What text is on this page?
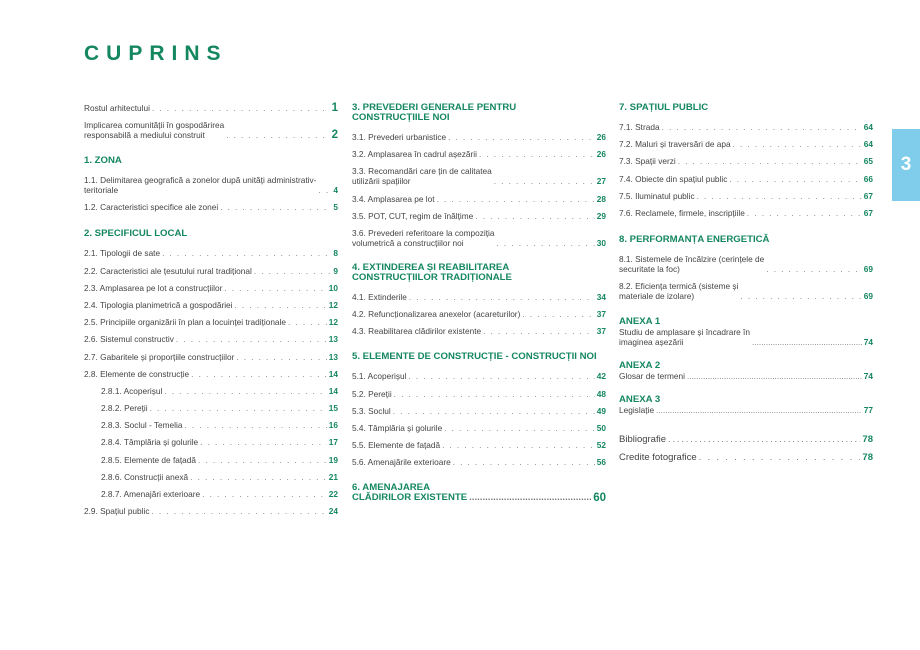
CUPRINS
Rostul arhitectului . . .	1
Implicarea comunității în gospodărirea
responsabilă a mediului construit . . .	2
1. ZONA
1.1. Delimitarea geografică a zonelor după unități administrativ-
teritoriale . . .	4
1.2. Caracteristici specifice ale zonei . . .	5
2. SPECIFICUL LOCAL
2.1. Tipologii de sate . . .	8
2.2. Caracteristici ale țesutului rural tradițional . . .	9
2.3. Amplasarea pe lot a construcțiilor . . .	10
2.4. Tipologia planimetrică a gospodăriei . . .	12
2.5. Principiile organizării în plan a locuinței tradiționale . . .	12
2.6. Sistemul constructiv . . .	13
2.7. Gabaritele și proporțiile construcțiilor . . .	13
2.8. Elemente de construcție . . .	14
2.8.1. Acoperișul . . .	14
2.8.2. Pereții . . .	15
2.8.3. Soclul - Temelia . . .	16
2.8.4. Tâmplăria și golurile . . .	17
2.8.5. Elemente de fațadă . . .	19
2.8.6. Construcții anexă . . .	21
2.8.7. Amenajări exterioare . . .	22
2.9. Spațiul public . . .	24
3. PREVEDERI GENERALE PENTRU
CONSTRUCȚIILE NOI
3.1. Prevederi urbanistice . . .	26
3.2. Amplasarea în cadrul așezării . . .	26
3.3. Recomandări care țin de calitatea
utilizării spațiilor . . .	27
3.4. Amplasarea pe lot . . .	28
3.5. POT, CUT, regim de înălțime . . .	29
3.6. Prevederi referitoare la compoziția
volumetrică a construcțiilor noi . . .	30
4. EXTINDEREA ȘI REABILITAREA
CONSTRUCȚIILOR TRADIȚIONALE
4.1. Extinderile . . .	34
4.2. Refuncționalizarea anexelor (acareturilor) . . .	37
4.3. Reabilitarea clădirilor existente . . .	37
5. ELEMENTE DE CONSTRUCȚIE - CONSTRUCȚII NOI
5.1. Acoperișul . . .	42
5.2. Pereții . . .	48
5.3. Soclul . . .	49
5.4. Tâmplăria și golurile . . .	50
5.5. Elemente de fațadă . . .	52
5.6. Amenajările exterioare . . .	56
6. AMENAJAREA
CLĂDIRILOR EXISTENTE .....	60
7. SPAȚIUL PUBLIC
7.1. Strada . . .	64
7.2. Maluri și traversări de apa . . .	64
7.3. Spații verzi . . .	65
7.4. Obiecte din spațiul public . . .	66
7.5. Iluminatul public . . .	67
7.6. Reclamele, firmele, inscripțiile . . .	67
8. PERFORMANȚA ENERGETICĂ
8.1. Sistemele de încălzire (cerințele de
securitate la foc) . . .	69
8.2. Eficiența termică (sisteme și
materiale de izolare) . . .	69
ANEXA 1
Studiu de amplasare și încadrare în
imaginea așezării .....	74
ANEXA 2
Glosar de termeni .....	74
ANEXA 3
Legislație .....	77
Bibliografie .....	78
Credite fotografice . . .	78
3
